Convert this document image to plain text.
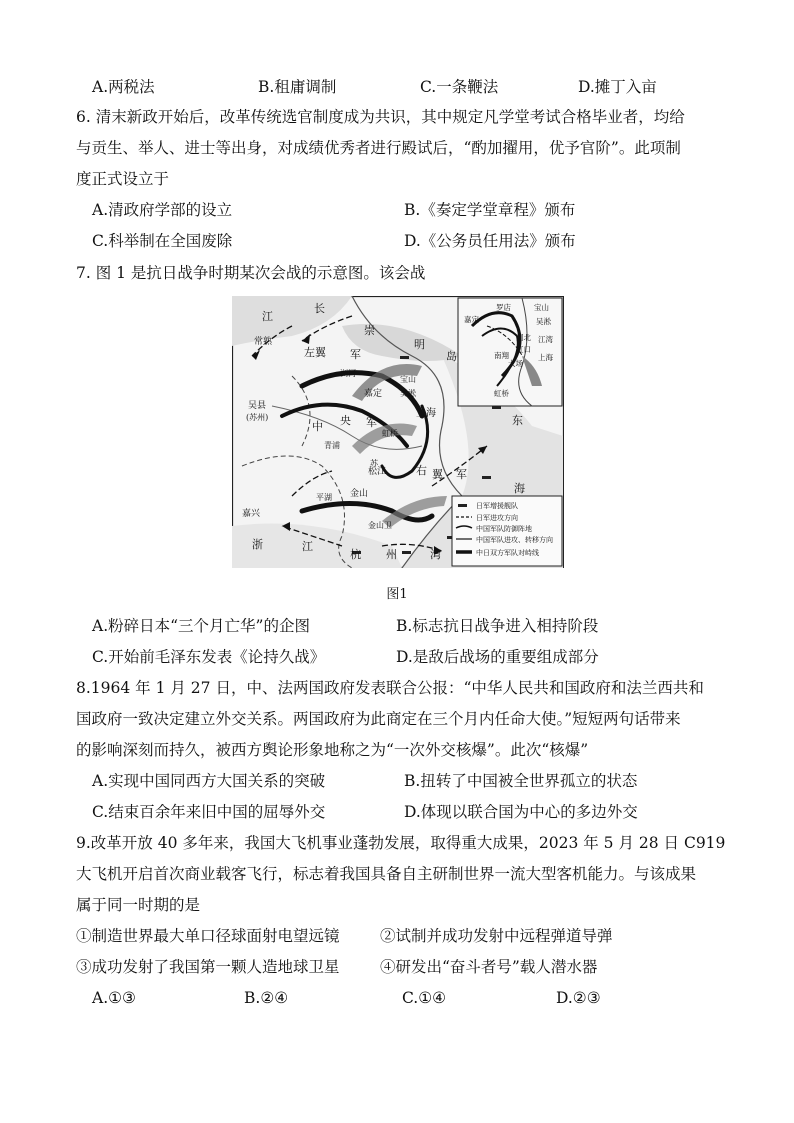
A.两税法	B.租庸调制	C.一条鞭法	D.摊丁入亩
6. 清末新政开始后，改革传统选官制度成为共识，其中规定凡学堂考试合格毕业者，均给
与贡生、举人、进士等出身，对成绩优秀者进行殿试后，“酌加擢用，优予官阶”。此项制
度正式设立于
A.清政府学部的设立	B.《奏定学堂章程》颁布
C.科举制在全国废除	D.《公务员任用法》颁布
7. 图 1 是抗日战争时期某次会战的示意图。该会战
江
长
崇
明
岛
常熟
左翼 军
浏河
嘉定
宝山
吴淞
上海
吴县
(苏州)
中 央 军
青浦
虹桥
苏
松江
金山
右 翼 军
东
海
嘉兴
平湖
金山卫
浙	江
杭 州	湾
罗店
嘉定
宝山
吴淞
闸北
虹口
江湾
南翔
大场
上海
虹桥
日军增援舰队
日军进攻方向
中国军队防御阵地
中国军队进攻、转移方向
中日双方军队对峙线
图1
A.粉碎日本“三个月亡华”的企图	B.标志抗日战争进入相持阶段
C.开始前毛泽东发表《论持久战》	D.是敌后战场的重要组成部分
8.1964 年 1 月 27 日，中、法两国政府发表联合公报：“中华人民共和国政府和法兰西共和
国政府一致决定建立外交关系。两国政府为此商定在三个月内任命大使。”短短两句话带来
的影响深刻而持久，被西方舆论形象地称之为“一次外交核爆”。此次“核爆”
A.实现中国同西方大国关系的突破	B.扭转了中国被全世界孤立的状态
C.结束百余年来旧中国的屈辱外交	D.体现以联合国为中心的多边外交
9.改革开放 40 多年来，我国大飞机事业蓬勃发展，取得重大成果，2023 年 5 月 28 日 C919
大飞机开启首次商业载客飞行，标志着我国具备自主研制世界一流大型客机能力。与该成果
属于同一时期的是
①制造世界最大单口径球面射电望远镜	②试制并成功发射中远程弹道导弹
③成功发射了我国第一颗人造地球卫星	④研发出“奋斗者号”载人潜水器
A.①③	B.②④	C.①④	D.②③
